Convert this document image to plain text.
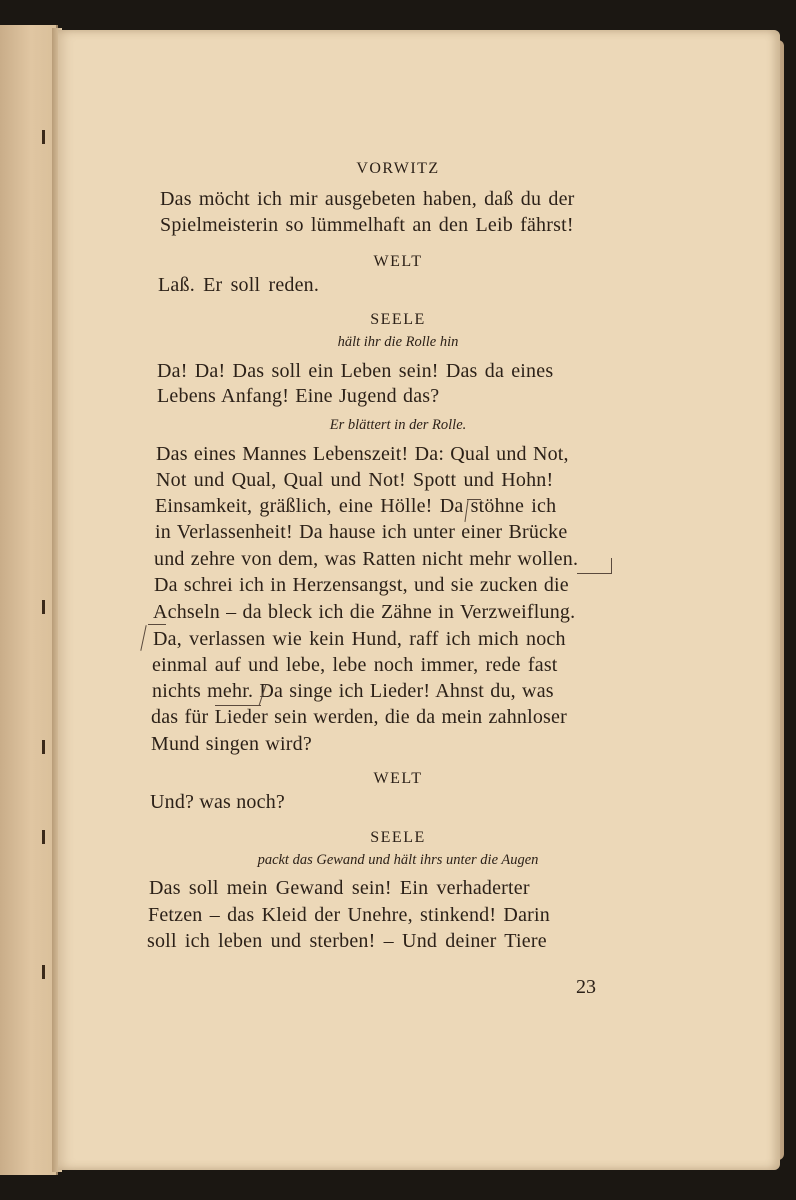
VORWITZ
Das möcht ich mir ausgebeten haben, daß du der
Spielmeisterin so lümmelhaft an den Leib fährst!
WELT
Laß. Er soll reden.
SEELE
hält ihr die Rolle hin
Da! Da! Das soll ein Leben sein! Das da eines
Lebens Anfang! Eine Jugend das?
Er blättert in der Rolle.
Das eines Mannes Lebenszeit! Da: Qual und Not,
Not und Qual, Qual und Not! Spott und Hohn!
Einsamkeit, gräßlich, eine Hölle! Da stöhne ich
in Verlassenheit! Da hause ich unter einer Brücke
und zehre von dem, was Ratten nicht mehr wollen.
Da schrei ich in Herzensangst, und sie zucken die
Achseln – da bleck ich die Zähne in Verzweiflung.
Da, verlassen wie kein Hund, raff ich mich noch
einmal auf und lebe, lebe noch immer, rede fast
nichts mehr. Da singe ich Lieder! Ahnst du, was
das für Lieder sein werden, die da mein zahnloser
Mund singen wird?
WELT
Und? was noch?
SEELE
packt das Gewand und hält ihrs unter die Augen
Das soll mein Gewand sein! Ein verhaderter
Fetzen – das Kleid der Unehre, stinkend! Darin
soll ich leben und sterben! – Und deiner Tiere
23
